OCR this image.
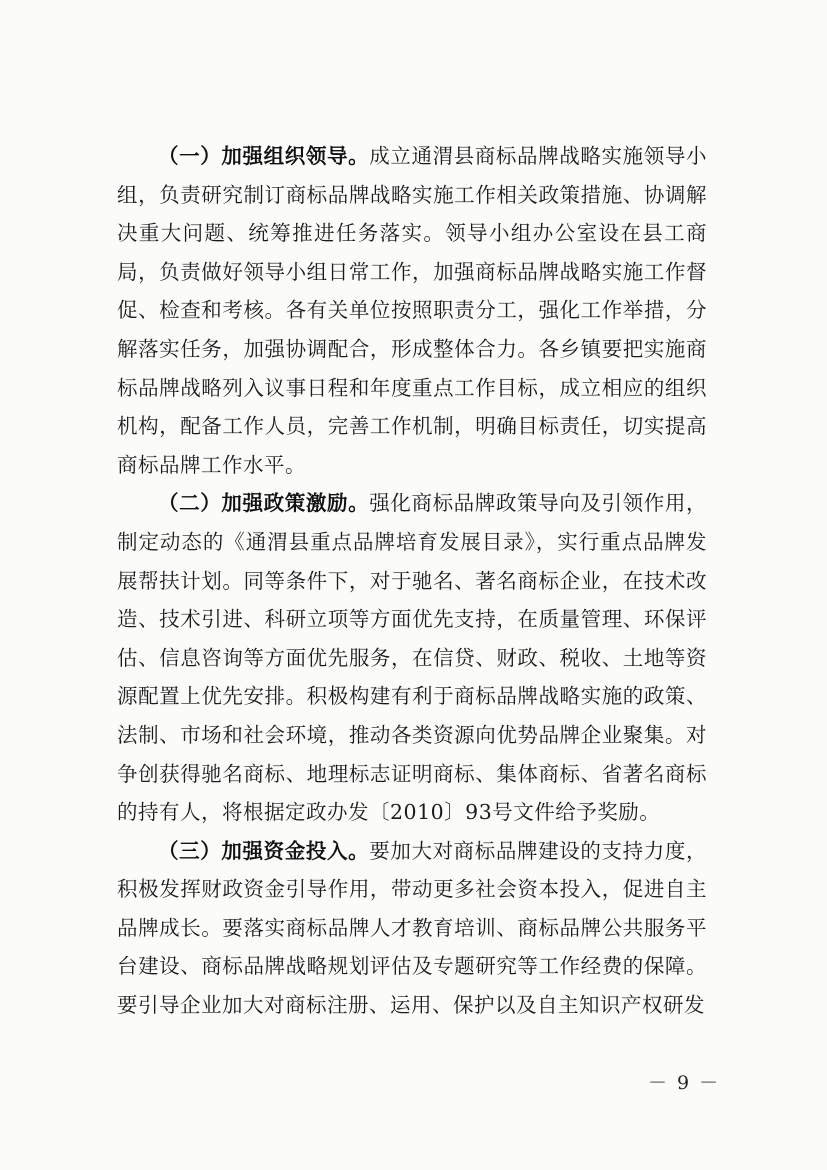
（一）加强组织领导。成立通渭县商标品牌战略实施领导小组，负责研究制订商标品牌战略实施工作相关政策措施、协调解决重大问题、统筹推进任务落实。领导小组办公室设在县工商局，负责做好领导小组日常工作，加强商标品牌战略实施工作督促、检查和考核。各有关单位按照职责分工，强化工作举措，分解落实任务，加强协调配合，形成整体合力。各乡镇要把实施商标品牌战略列入议事日程和年度重点工作目标，成立相应的组织机构，配备工作人员，完善工作机制，明确目标责任，切实提高商标品牌工作水平。

（二）加强政策激励。强化商标品牌政策导向及引领作用，制定动态的《通渭县重点品牌培育发展目录》，实行重点品牌发展帮扶计划。同等条件下，对于驰名、著名商标企业，在技术改造、技术引进、科研立项等方面优先支持，在质量管理、环保评估、信息咨询等方面优先服务，在信贷、财政、税收、土地等资源配置上优先安排。积极构建有利于商标品牌战略实施的政策、法制、市场和社会环境，推动各类资源向优势品牌企业聚集。对争创获得驰名商标、地理标志证明商标、集体商标、省著名商标的持有人，将根据定政办发〔2010〕93号文件给予奖励。

（三）加强资金投入。要加大对商标品牌建设的支持力度，积极发挥财政资金引导作用，带动更多社会资本投入，促进自主品牌成长。要落实商标品牌人才教育培训、商标品牌公共服务平台建设、商标品牌战略规划评估及专题研究等工作经费的保障。要引导企业加大对商标注册、运用、保护以及自主知识产权研发

－ 9 －
